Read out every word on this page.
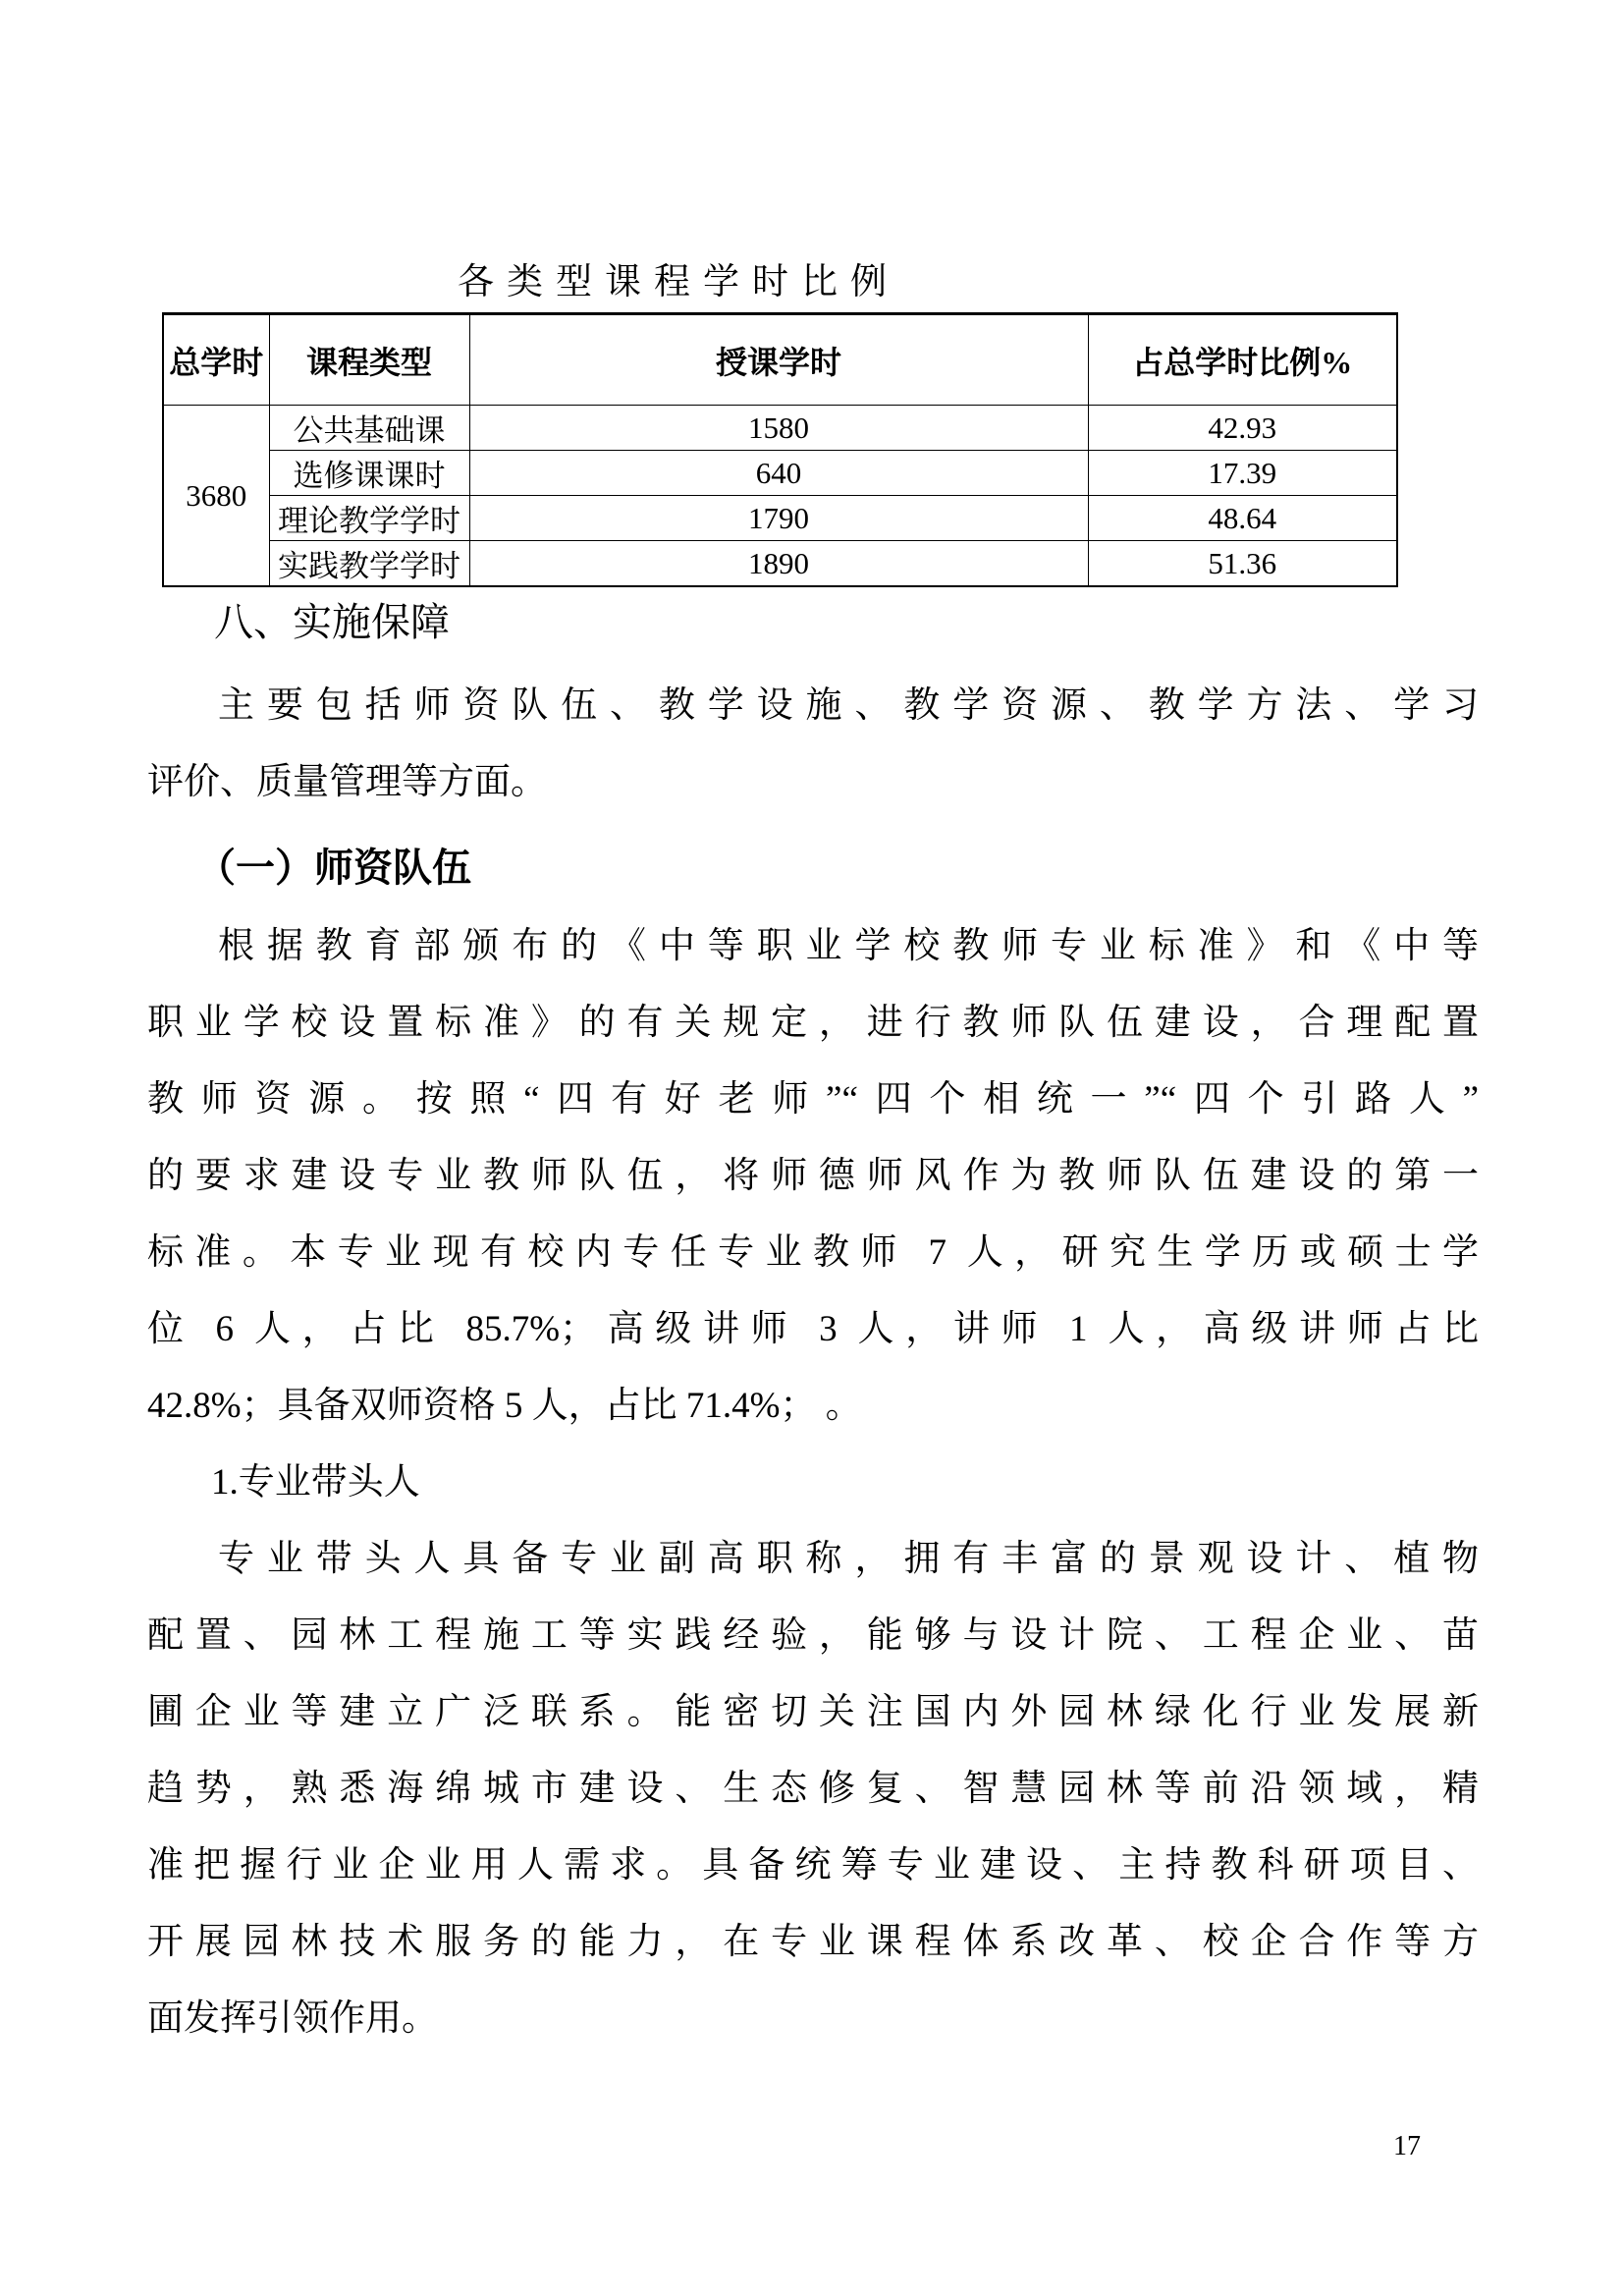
各类型课程学时比例
总学时	课程类型	授课学时	占总学时比例%
3680	公共基础课	1580	42.93
	选修课课时	640	17.39
	理论教学学时	1790	48.64
	实践教学学时	1890	51.36
八、实施保障
主要包括师资队伍、教学设施、教学资源、教学方法、学习
评价、质量管理等方面。
（一）师资队伍
根据教育部颁布的《中等职业学校教师专业标准》和《中等
职业学校设置标准》的有关规定，进行教师队伍建设，合理配置
教师资源。按照“四有好老师”“四个相统一”“四个引路人”
的要求建设专业教师队伍，将师德师风作为教师队伍建设的第一
标准。本专业现有校内专任专业教师 7 人，研究生学历或硕士学
位 6 人，占比 85.7%；高级讲师 3 人，讲师 1 人，高级讲师占比
42.8%；具备双师资格 5 人，占比 71.4%； 。
1.专业带头人
专业带头人具备专业副高职称，拥有丰富的景观设计、植物
配置、园林工程施工等实践经验，能够与设计院、工程企业、苗
圃企业等建立广泛联系。能密切关注国内外园林绿化行业发展新
趋势，熟悉海绵城市建设、生态修复、智慧园林等前沿领域，精
准把握行业企业用人需求。具备统筹专业建设、主持教科研项目、
开展园林技术服务的能力，在专业课程体系改革、校企合作等方
面发挥引领作用。
17
